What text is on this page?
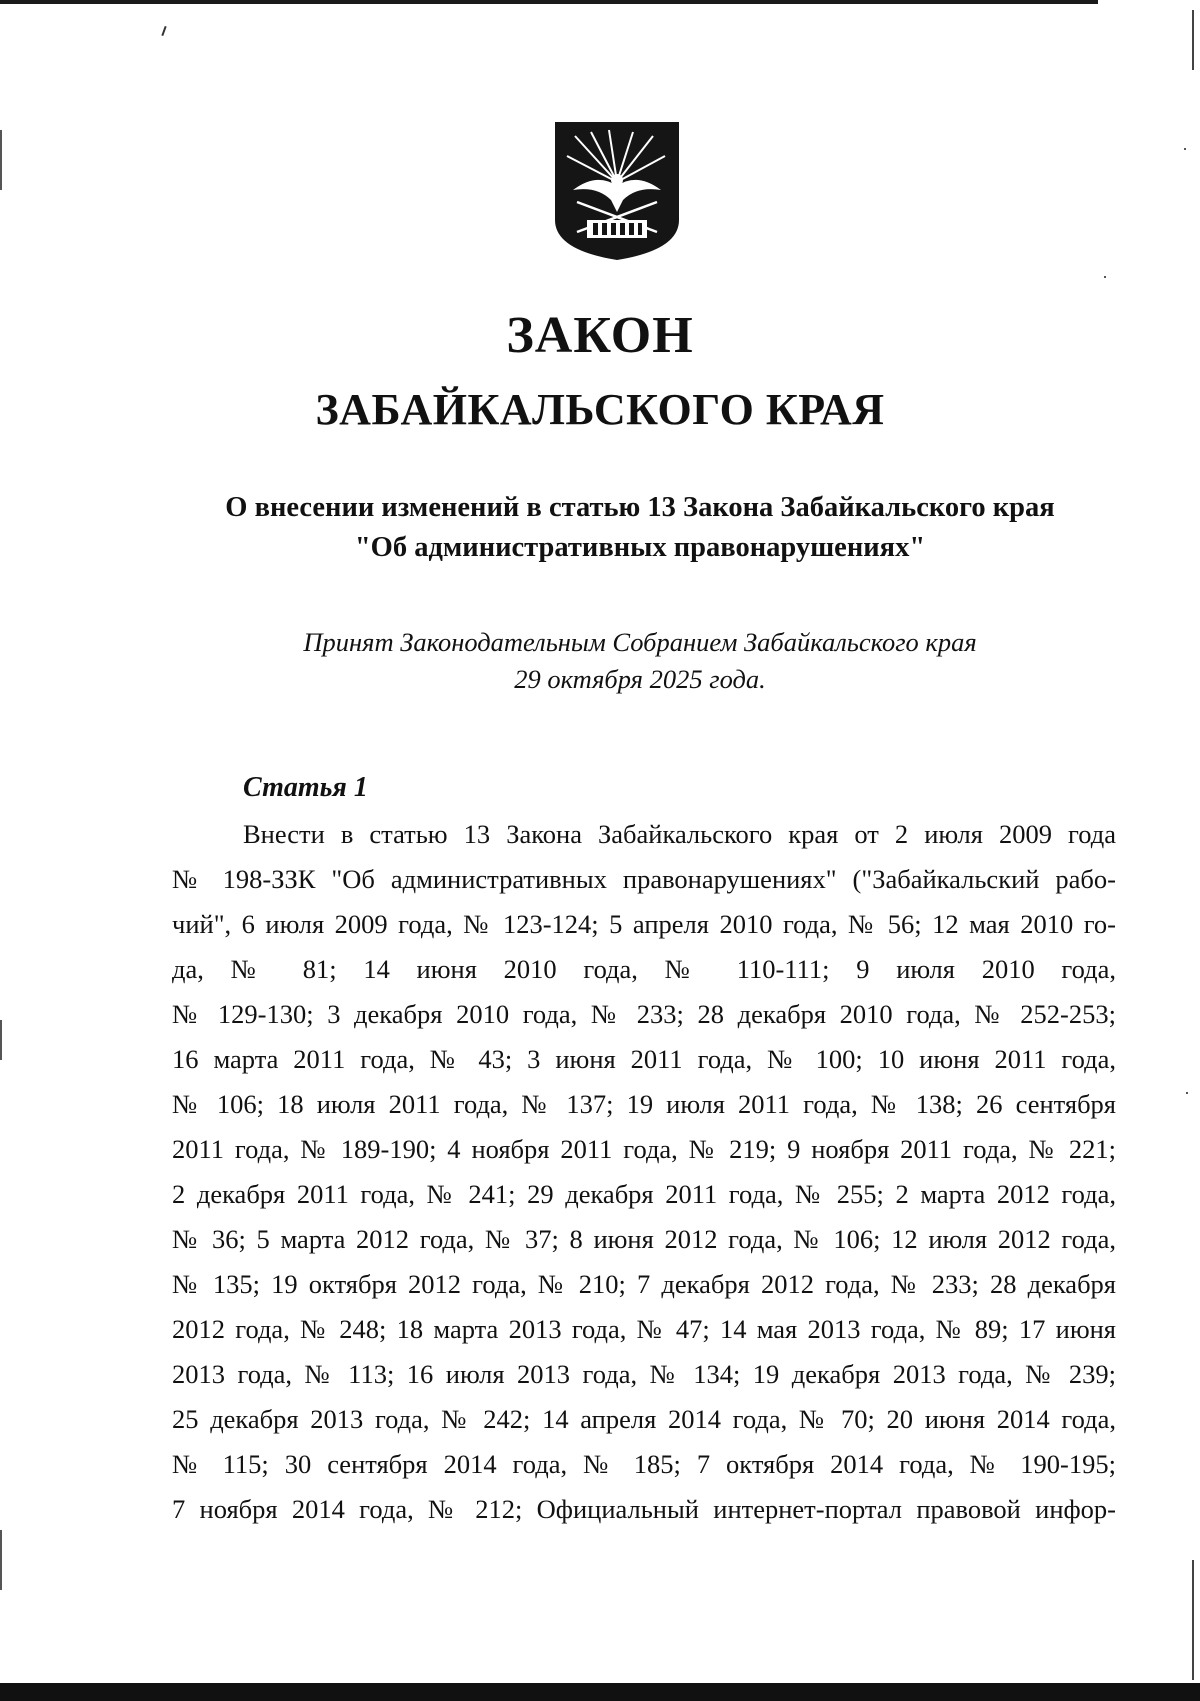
ЗАКОН
ЗАБАЙКАЛЬСКОГО КРАЯ
О внесении изменений в статью 13 Закона Забайкальского края
"Об административных правонарушениях"
Принят Законодательным Собранием Забайкальского края
29 октября 2025 года.
Статья 1
Внести в статью 13 Закона Забайкальского края от 2 июля 2009 года
№ 198-ЗЗК "Об административных правонарушениях" ("Забайкальский рабо-
чий", 6 июля 2009 года, № 123-124; 5 апреля 2010 года, № 56; 12 мая 2010 го-
да, № 81; 14 июня 2010 года, № 110-111; 9 июля 2010 года,
№ 129-130; 3 декабря 2010 года, № 233; 28 декабря 2010 года, № 252-253;
16 марта 2011 года, № 43; 3 июня 2011 года, № 100; 10 июня 2011 года,
№ 106; 18 июля 2011 года, № 137; 19 июля 2011 года, № 138; 26 сентября
2011 года, № 189-190; 4 ноября 2011 года, № 219; 9 ноября 2011 года, № 221;
2 декабря 2011 года, № 241; 29 декабря 2011 года, № 255; 2 марта 2012 года,
№ 36; 5 марта 2012 года, № 37; 8 июня 2012 года, № 106; 12 июля 2012 года,
№ 135; 19 октября 2012 года, № 210; 7 декабря 2012 года, № 233; 28 декабря
2012 года, № 248; 18 марта 2013 года, № 47; 14 мая 2013 года, № 89; 17 июня
2013 года, № 113; 16 июля 2013 года, № 134; 19 декабря 2013 года, № 239;
25 декабря 2013 года, № 242; 14 апреля 2014 года, № 70; 20 июня 2014 года,
№ 115; 30 сентября 2014 года, № 185; 7 октября 2014 года, № 190-195;
7 ноября 2014 года, № 212; Официальный интернет-портал правовой инфор-
